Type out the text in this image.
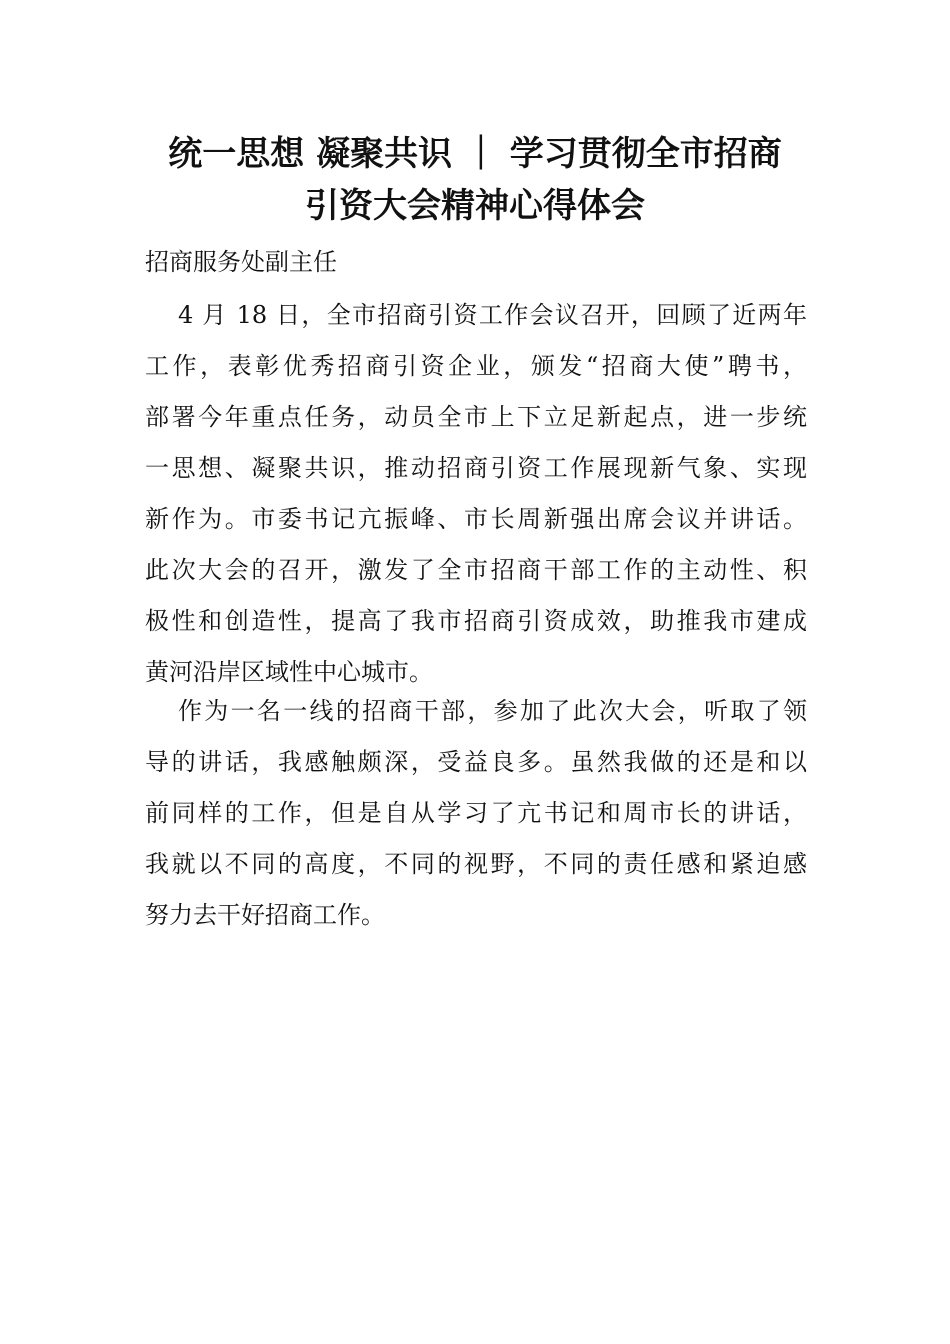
统一思想 凝聚共识 ｜ 学习贯彻全市招商
引资大会精神心得体会

招商服务处副主任

4 月 18 日，全市招商引资工作会议召开，回顾了近两年
工作，表彰优秀招商引资企业，颁发“招商大使”聘书，
部署今年重点任务，动员全市上下立足新起点，进一步统
一思想、凝聚共识，推动招商引资工作展现新气象、实现
新作为。市委书记亢振峰、市长周新强出席会议并讲话。
此次大会的召开，激发了全市招商干部工作的主动性、积
极性和创造性，提高了我市招商引资成效，助推我市建成
黄河沿岸区域性中心城市。
作为一名一线的招商干部，参加了此次大会，听取了领
导的讲话，我感触颇深，受益良多。虽然我做的还是和以
前同样的工作，但是自从学习了亢书记和周市长的讲话，
我就以不同的高度，不同的视野，不同的责任感和紧迫感
努力去干好招商工作。
